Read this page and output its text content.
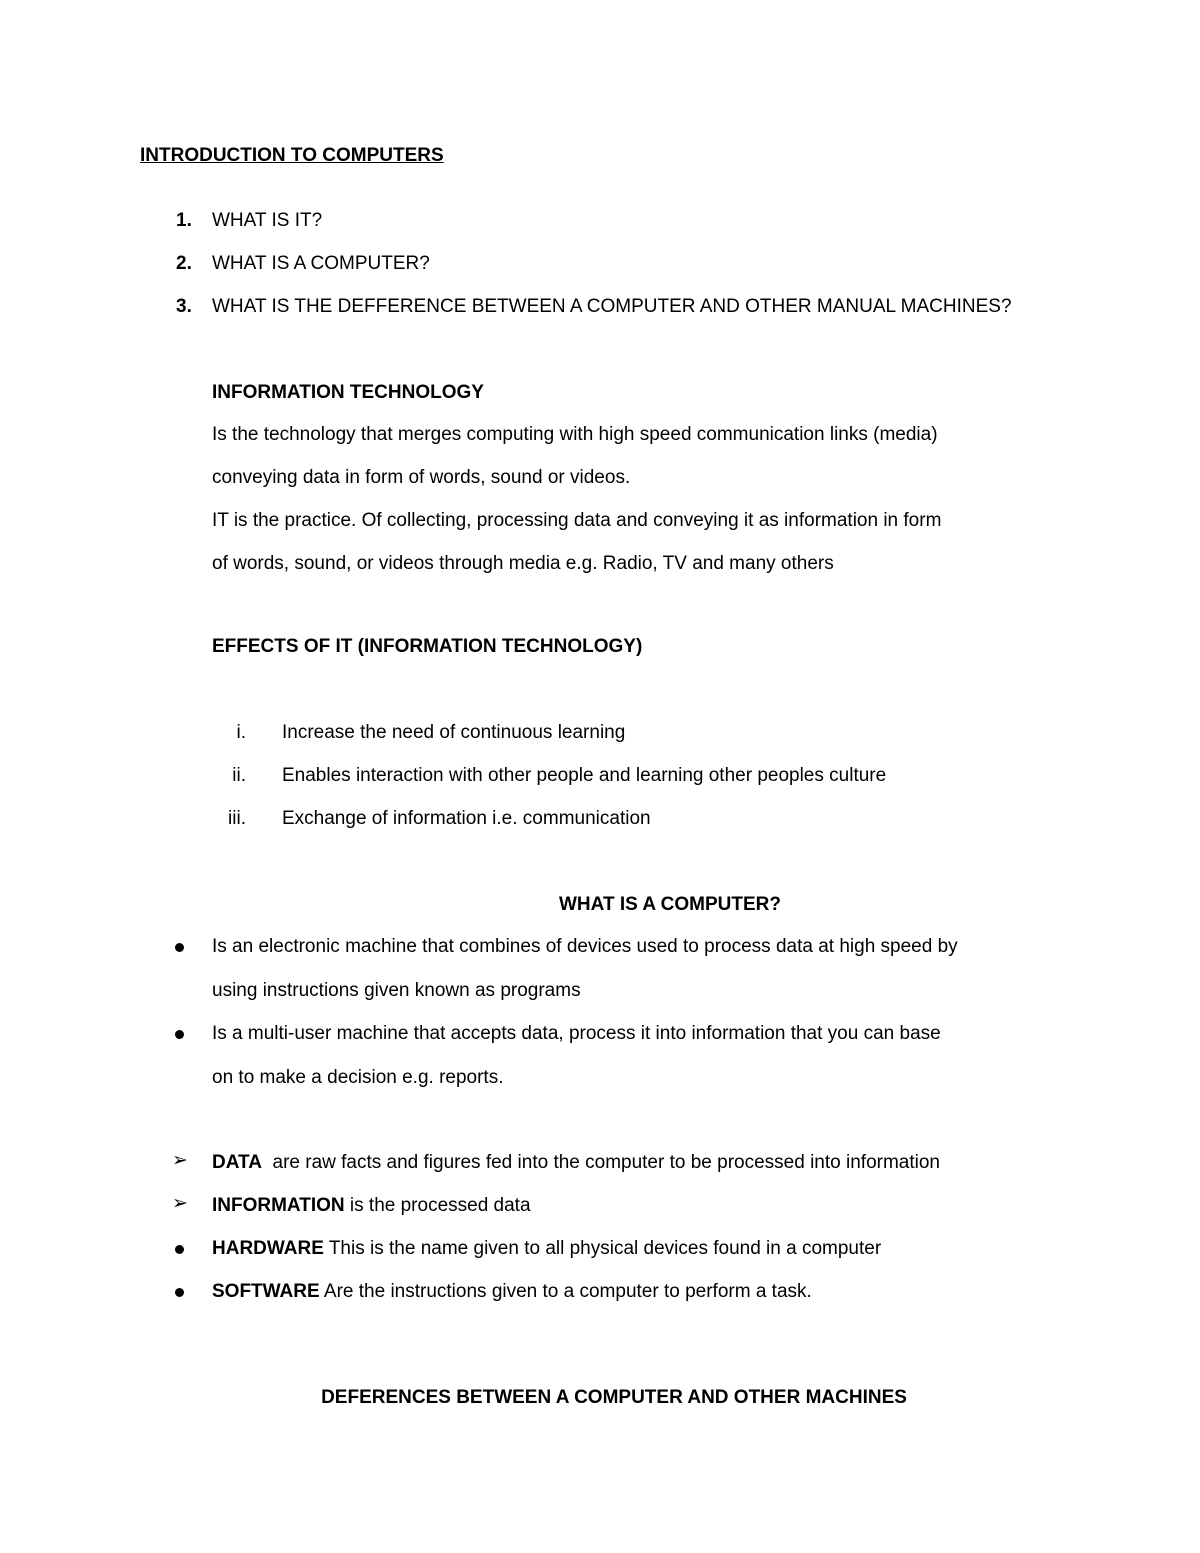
INTRODUCTION TO COMPUTERS
1. WHAT IS IT?
2. WHAT IS A COMPUTER?
3. WHAT IS THE DEFFERENCE BETWEEN A COMPUTER AND OTHER MANUAL MACHINES?
INFORMATION TECHNOLOGY
Is the technology that merges computing with high speed communication links (media)
conveying data in form of words, sound or videos.
IT is the practice. Of collecting, processing data and conveying it as information in form
of words, sound, or videos through media e.g. Radio, TV and many others
EFFECTS OF IT (INFORMATION TECHNOLOGY)
i. Increase the need of continuous learning
ii. Enables interaction with other people and learning other peoples culture
iii. Exchange of information i.e. communication
WHAT IS A COMPUTER?
Is an electronic machine that combines of devices used to process data at high speed by
using instructions given known as programs
Is a multi-user machine that accepts data, process it into information that you can base
on to make a decision e.g. reports.
➢ DATA  are raw facts and figures fed into the computer to be processed into information
➢ INFORMATION is the processed data
HARDWARE This is the name given to all physical devices found in a computer
SOFTWARE Are the instructions given to a computer to perform a task.
DEFERENCES BETWEEN A COMPUTER AND OTHER MACHINES
